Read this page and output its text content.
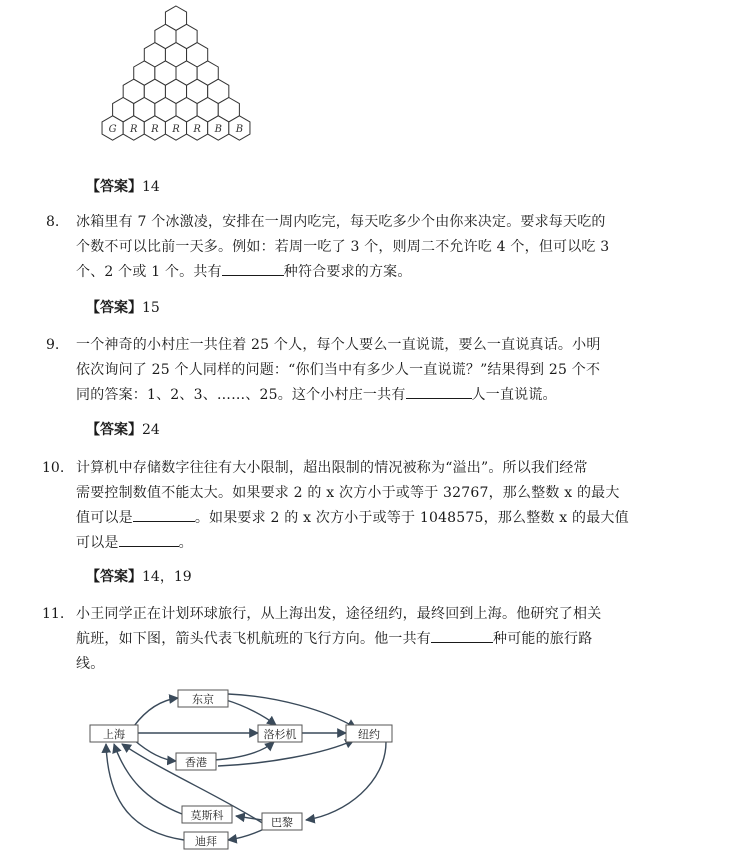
G R R R R B B
【答案】14
8. 冰箱里有 7 个冰激凌，安排在一周内吃完，每天吃多少个由你来决定。要求每天吃的
个数不可以比前一天多。例如：若周一吃了 3 个，则周二不允许吃 4 个，但可以吃 3
个、2 个或 1 个。共有	种符合要求的方案。
【答案】15
9. 一个神奇的小村庄一共住着 25 个人，每个人要么一直说谎，要么一直说真话。小明
依次询问了 25 个人同样的问题：“你们当中有多少人一直说谎？”结果得到 25 个不
同的答案：1、2、3、……、25。这个小村庄一共有	人一直说谎。
【答案】24
10. 计算机中存储数字往往有大小限制，超出限制的情况被称为“溢出”。所以我们经常
需要控制数值不能太大。如果要求 2 的 x 次方小于或等于 32767，那么整数 x 的最大
值可以是	。如果要求 2 的 x 次方小于或等于 1048575，那么整数 x 的最大值
可以是	。
【答案】14，19
11. 小王同学正在计划环球旅行，从上海出发，途径纽约，最终回到上海。他研究了相关
航班，如下图，箭头代表飞机航班的飞行方向。他一共有	种可能的旅行路
线。
上海
东京
洛杉机
香港
纽约
莫斯科
巴黎
迪拜
